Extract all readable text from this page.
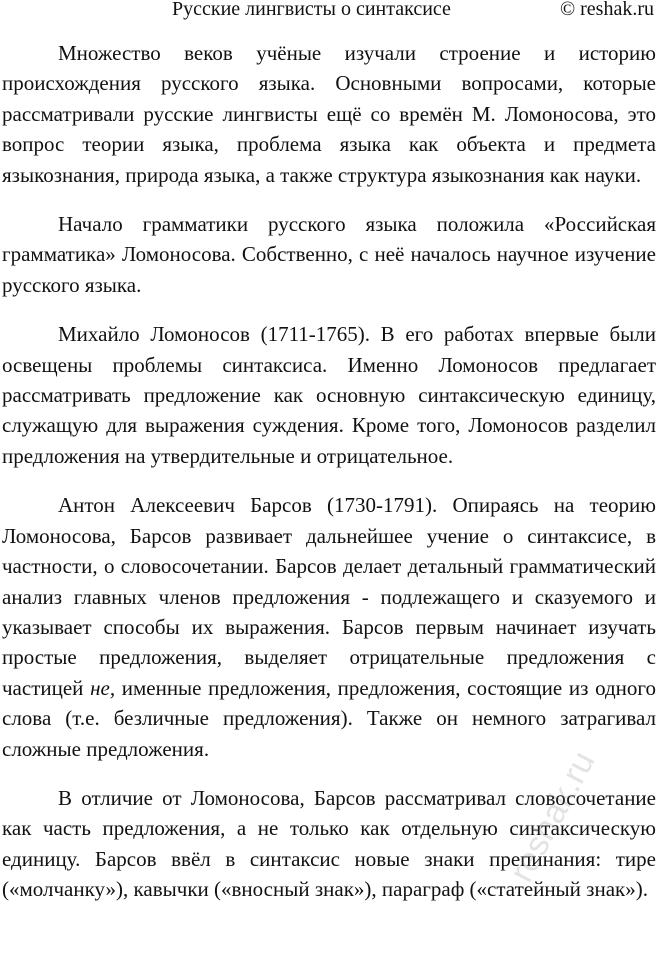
Русские лингвисты о синтаксисе	© reshak.ru

Множество веков учёные изучали строение и историю происхождения русского языка. Основными вопросами, которые рассматривали русские лингвисты ещё со времён М. Ломоносова, это вопрос теории языка, проблема языка как объекта и предмета языкознания, природа языка, а также структура языкознания как науки.

Начало грамматики русского языка положила «Российская грамматика» Ломоносова. Собственно, с неё началось научное изучение русского языка.

Михайло Ломоносов (1711-1765). В его работах впервые были освещены проблемы синтаксиса. Именно Ломоносов предлагает рассматривать предложение как основную синтаксическую единицу, служащую для выражения суждения. Кроме того, Ломоносов разделил предложения на утвердительные и отрицательное.

Антон Алексеевич Барсов (1730-1791). Опираясь на теорию Ломоносова, Барсов развивает дальнейшее учение о синтаксисе, в частности, о словосочетании. Барсов делает детальный грамматический анализ главных членов предложения - подлежащего и сказуемого и указывает способы их выражения. Барсов первым начинает изучать простые предложения, выделяет отрицательные предложения с частицей не, именные предложения, предложения, состоящие из одного слова (т.е. безличные предложения). Также он немного затрагивал сложные предложения.

В отличие от Ломоносова, Барсов рассматривал словосочетание как часть предложения, а не только как отдельную синтаксическую единицу. Барсов ввёл в синтаксис новые знаки препинания: тире («молчанку»), кавычки («вносный знак»), параграф («статейный знак»).

reshak.ru
